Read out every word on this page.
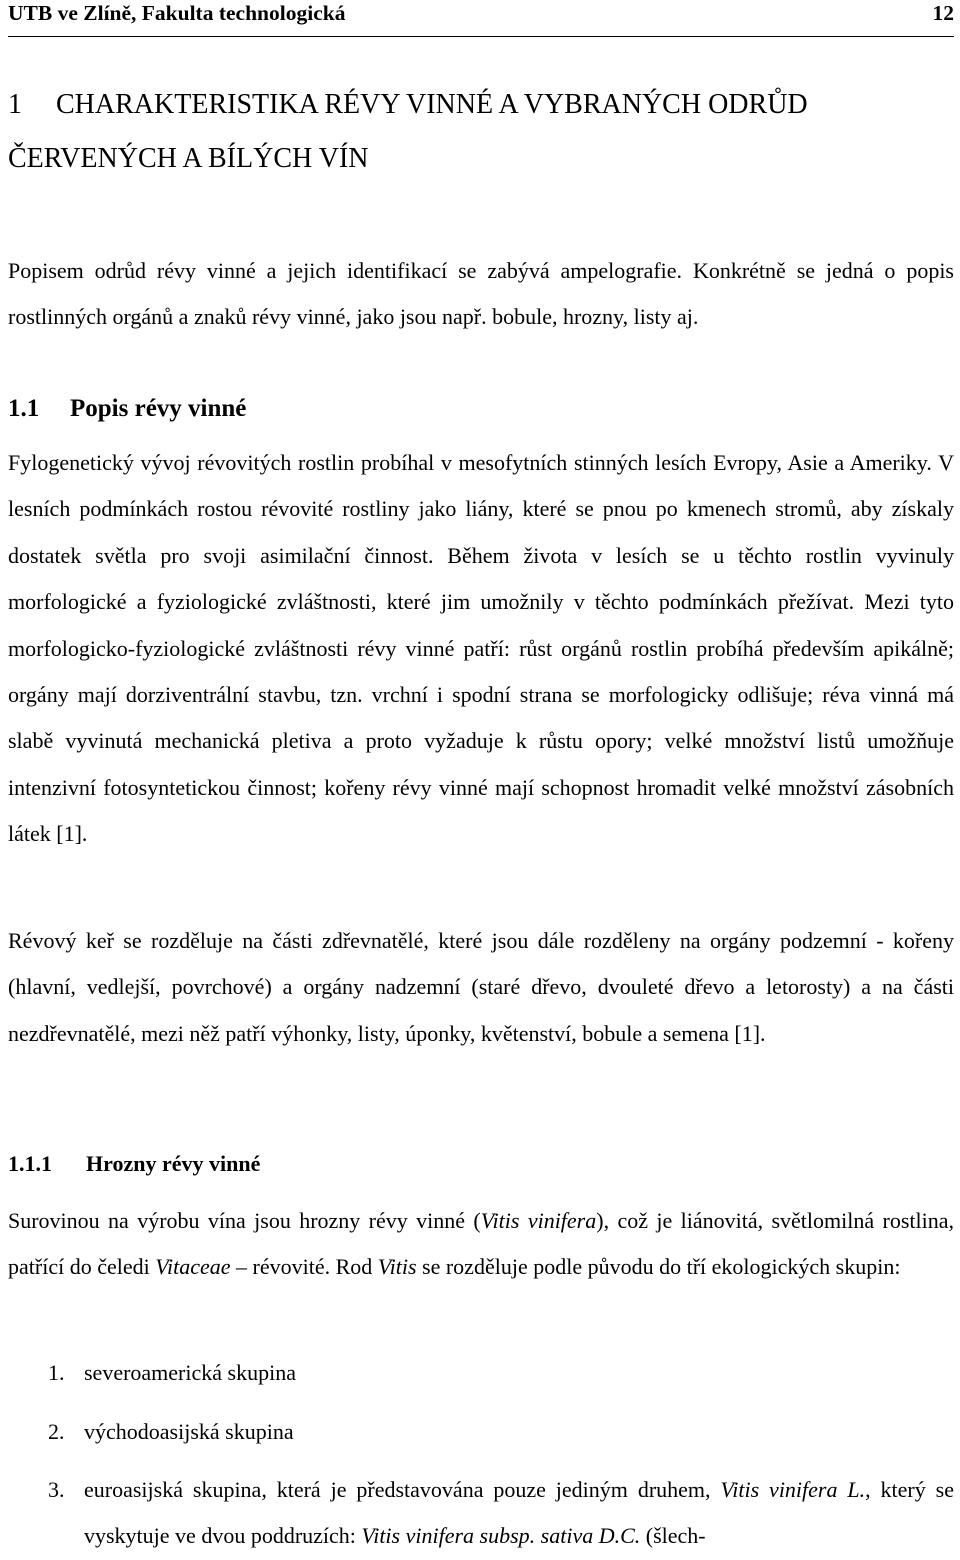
UTB ve Zlíně, Fakultа technologická	12
1 CHARAKTERISTIKA RÉVY VINNÉ A VYBRANÝCH ODRŮD
ČERVENÝCH A BÍLÝCH VÍN
Popisem odrůd révy vinné a jejich identifikací se zabývá ampelografie. Konkrétně se jedná o popis rostlinných orgánů a znaků révy vinné, jako jsou např. bobule, hrozny, listy aj.
1.1 Popis révy vinné
Fylogenetický vývoj révovitých rostlin probíhal v mesofytních stinných lesích Evropy, Asie a Ameriky. V lesních podmínkách rostou révovité rostliny jako liány, které se pnou po kmenech stromů, aby získaly dostatek světla pro svoji asimilační činnost. Během života v lesích se u těchto rostlin vyvinuly morfologické a fyziologické zvláštnosti, které jim umožnily v těchto podmínkách přežívat. Mezi tyto morfologicko-fyziologické zvláštnosti révy vinné patří: růst orgánů rostlin probíhá především apikálně; orgány mají dorziventrální stavbu, tzn. vrchní i spodní strana se morfologicky odlišuje; réva vinná má slabě vyvinutá mechanická pletiva a proto vyžaduje k růstu opory; velké množství listů umožňuje intenzivní fotosyntetickou činnost; kořeny révy vinné mají schopnost hromadit velké množství zásobních látek [1].
Révový keř se rozděluje na části zdřevnatělé, které jsou dále rozděleny na orgány podzemní - kořeny (hlavní, vedlejší, povrchové) a orgány nadzemní (staré dřevo, dvouleté dřevo a letorosty) a na části nezdřevnatělé, mezi něž patří výhonky, listy, úponky, květenství, bobule a semena [1].
1.1.1 Hrozny révy vinné
Surovinou na výrobu vína jsou hrozny révy vinné (Vitis vinifera), což je liánovitá, světlomilná rostlina, patřící do čeledi Vitaceae – révovité. Rod Vitis se rozděluje podle původu do tří ekologických skupin:
1. severoamerická skupina
2. východoasijská skupina
3. euroasijská skupina, která je představována pouze jediným druhem, Vitis vinifera L., který se vyskytuje ve dvou poddruzích: Vitis vinifera subsp. sativa D.C. (šlech-
